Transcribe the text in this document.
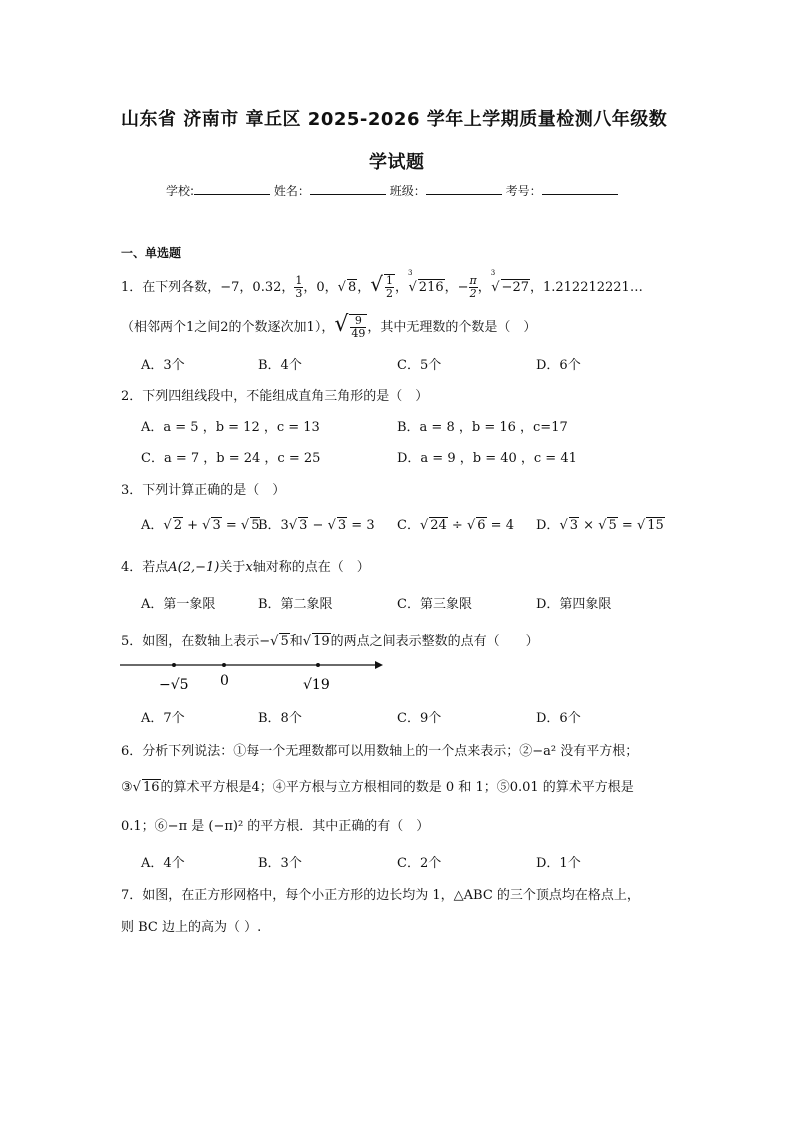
山东省 济南市 章丘区 2025-2026 学年上学期质量检测八年级数
学试题
学校:	姓名：	班级：	考号：
一、单选题
1．在下列各数，−7，0.32， $\frac{1}{3}$ ，0，√ 8，√ $\frac{1}{2}$ ，$^3$√ 216，− $\frac{\pi}{2}$ ，$^3$√ −27，1.212212221…
（相邻两个1之间2的个数逐次加1），√ $\frac{9}{49}$ ，其中无理数的个数是（　）
A．3个	B．4个	C．5个	D．6个
2．下列四组线段中，不能组成直角三角形的是（　）
A．a = 5 ，b = 12 ，c = 13	B．a = 8 ，b = 16 ，c=17
C．a = 7 ，b = 24 ，c = 25	D．a = 9 ，b = 40 ，c = 41
3．下列计算正确的是（　）
A．√ 2 + √ 3 = √ 5
B．3√ 3 − √ 3 = 3 C．√ 24 ÷ √ 6 = 4 D．√ 3 × √ 5 = √ 15
4．若点A(2,−1)关于x轴对称的点在（　）
A．第一象限	B．第二象限	C．第三象限	D．第四象限
5．如图，在数轴上表示−√ 5和√ 19的两点之间表示整数的点有（　　）
−√5 0	√19
A．7个	B．8个	C．9个	D．6个
6．分析下列说法：①每一个无理数都可以用数轴上的一个点来表示；②−a² 没有平方根；
③√ 16的算术平方根是4；④平方根与立方根相同的数是 0 和 1；⑤0.01 的算术平方根是
0.1；⑥−π 是 (−π)² 的平方根．其中正确的有（　）
A．4个	B．3个	C．2个	D．1个
7．如图，在正方形网格中，每个小正方形的边长均为 1，△ABC 的三个顶点均在格点上，
则 BC 边上的高为（ ）.
